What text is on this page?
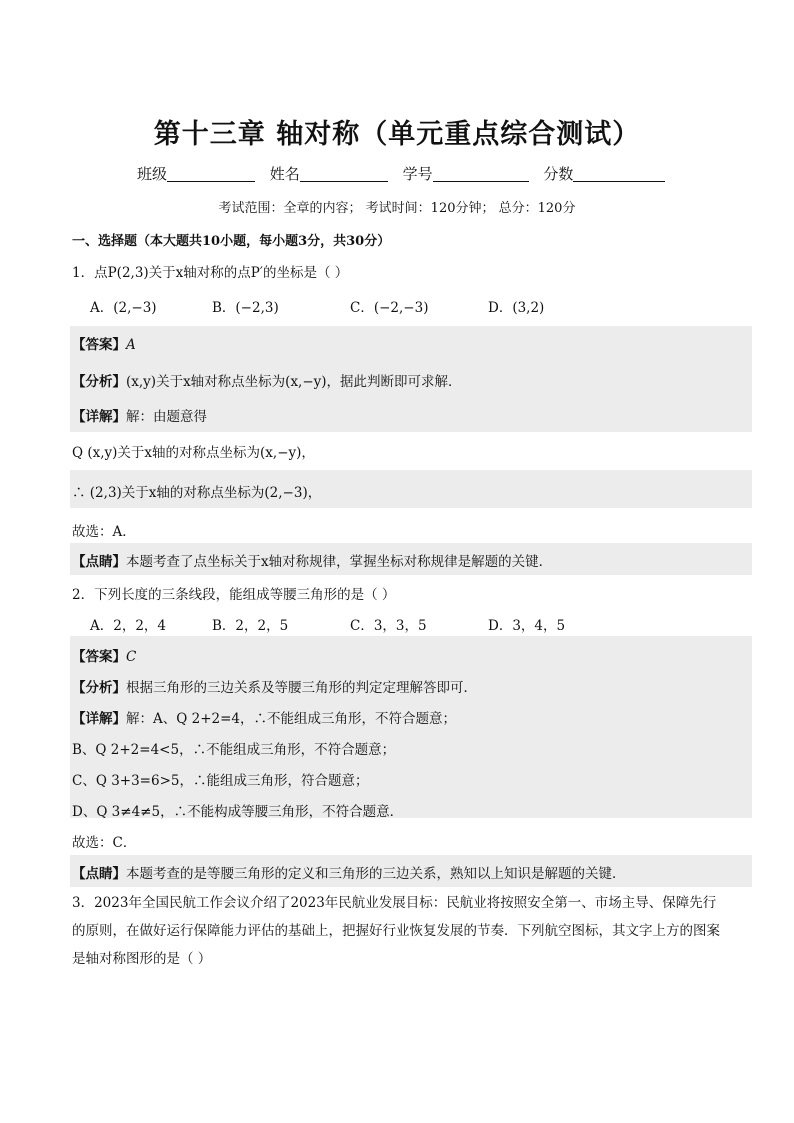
第十三章 轴对称（单元重点综合测试）
班级	姓名	学号	分数
考试范围：全章的内容； 考试时间：120分钟； 总分：120分
一、选择题（本大题共10小题，每小题3分，共30分）
1．点P(2,3)关于x轴对称的点P′的坐标是（ ）
A．(2,−3)	B．(−2,3)	C．(−2,−3)	D．(3,2)
【答案】A
【分析】(x,y)关于x轴对称点坐标为(x,−y)，据此判断即可求解．
【详解】解：由题意得
Q (x,y)关于x轴的对称点坐标为(x,−y)，
∴ (2,3)关于x轴的对称点坐标为(2,−3)，
故选：A．
【点睛】本题考查了点坐标关于x轴对称规律，掌握坐标对称规律是解题的关键．
2．下列长度的三条线段，能组成等腰三角形的是（ ）
A．2，2，4	B．2，2，5	C．3，3，5	D．3，4，5
【答案】C
【分析】根据三角形的三边关系及等腰三角形的判定定理解答即可．
【详解】解：A、Q 2+2=4，∴不能组成三角形，不符合题意；
B、Q 2+2=4<5，∴不能组成三角形，不符合题意；
C、Q 3+3=6>5，∴能组成三角形，符合题意；
D、Q 3≠4≠5，∴不能构成等腰三角形，不符合题意．
故选：C．
【点睛】本题考查的是等腰三角形的定义和三角形的三边关系，熟知以上知识是解题的关键．
3．2023年全国民航工作会议介绍了2023年民航业发展目标：民航业将按照安全第一、市场主导、保障先行的原则，在做好运行保障能力评估的基础上，把握好行业恢复发展的节奏．下列航空图标，其文字上方的图案是轴对称图形的是（ ）
